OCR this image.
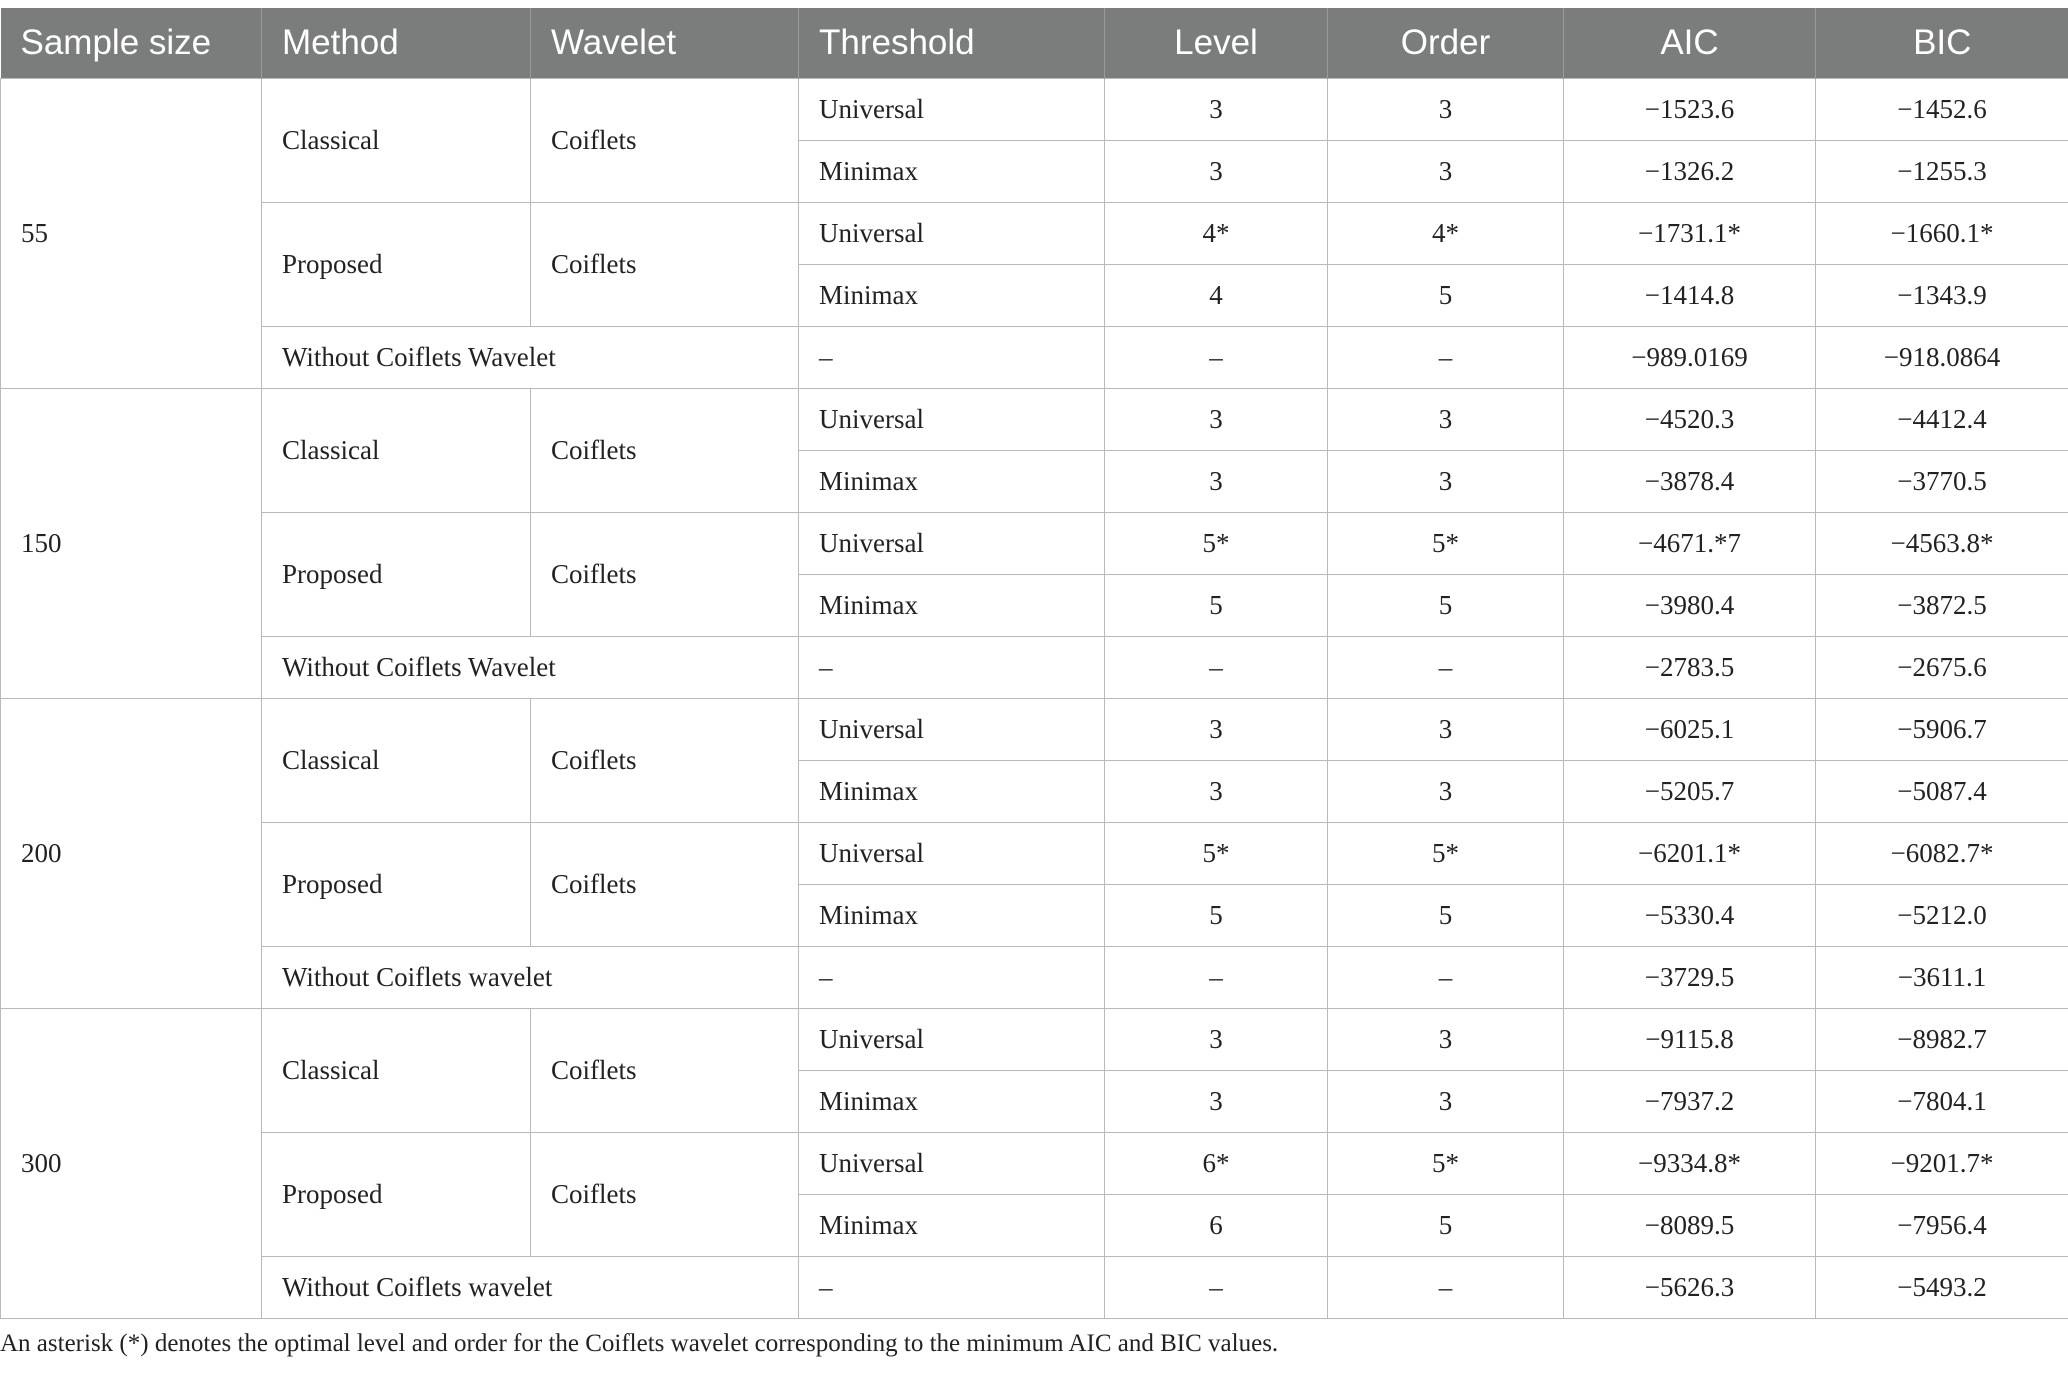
Sample size	Method	Wavelet	Threshold	Level	Order	AIC	BIC
55	Classical	Coiflets	Universal	3	3	−1523.6	−1452.6
			Minimax	3	3	−1326.2	−1255.3
	Proposed	Coiflets	Universal	4*	4*	−1731.1*	−1660.1*
			Minimax	4	5	−1414.8	−1343.9
	Without Coiflets Wavelet		–	–	–	−989.0169	−918.0864
150	Classical	Coiflets	Universal	3	3	−4520.3	−4412.4
			Minimax	3	3	−3878.4	−3770.5
	Proposed	Coiflets	Universal	5*	5*	−4671.*7	−4563.8*
			Minimax	5	5	−3980.4	−3872.5
	Without Coiflets Wavelet		–	–	–	−2783.5	−2675.6
200	Classical	Coiflets	Universal	3	3	−6025.1	−5906.7
			Minimax	3	3	−5205.7	−5087.4
	Proposed	Coiflets	Universal	5*	5*	−6201.1*	−6082.7*
			Minimax	5	5	−5330.4	−5212.0
	Without Coiflets wavelet		–	–	–	−3729.5	−3611.1
300	Classical	Coiflets	Universal	3	3	−9115.8	−8982.7
			Minimax	3	3	−7937.2	−7804.1
	Proposed	Coiflets	Universal	6*	5*	−9334.8*	−9201.7*
			Minimax	6	5	−8089.5	−7956.4
	Without Coiflets wavelet		–	–	–	−5626.3	−5493.2
An asterisk (*) denotes the optimal level and order for the Coiflets wavelet corresponding to the minimum AIC and BIC values.
